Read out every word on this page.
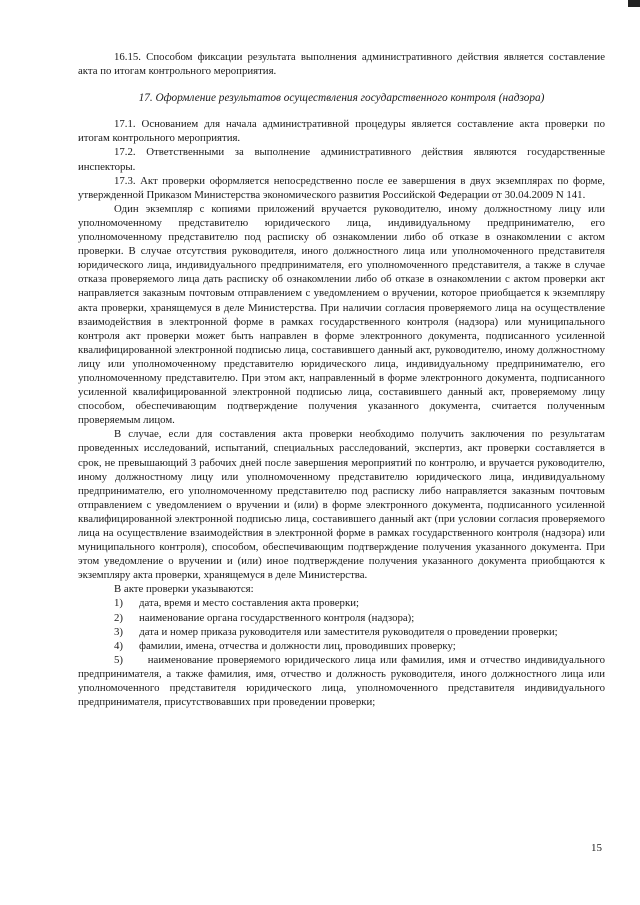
16.15. Способом фиксации результата выполнения административного действия является составление акта по итогам контрольного мероприятия.

17. Оформление результатов осуществления государственного контроля (надзора)

17.1. Основанием для начала административной процедуры является составление акта проверки по итогам контрольного мероприятия.

17.2. Ответственными за выполнение административного действия являются государственные инспекторы.

17.3. Акт проверки оформляется непосредственно после ее завершения в двух экземплярах по форме, утвержденной Приказом Министерства экономического развития Российской Федерации от 30.04.2009 N 141.

Один экземпляр с копиями приложений вручается руководителю, иному должностному лицу или уполномоченному представителю юридического лица, индивидуальному предпринимателю, его уполномоченному представителю под расписку об ознакомлении либо об отказе в ознакомлении с актом проверки. В случае отсутствия руководителя, иного должностного лица или уполномоченного представителя юридического лица, индивидуального предпринимателя, его уполномоченного представителя, а также в случае отказа проверяемого лица дать расписку об ознакомлении либо об отказе в ознакомлении с актом проверки акт направляется заказным почтовым отправлением с уведомлением о вручении, которое приобщается к экземпляру акта проверки, хранящемуся в деле Министерства. При наличии согласия проверяемого лица на осуществление взаимодействия в электронной форме в рамках государственного контроля (надзора) или муниципального контроля акт проверки может быть направлен в форме электронного документа, подписанного усиленной квалифицированной электронной подписью лица, составившего данный акт, руководителю, иному должностному лицу или уполномоченному представителю юридического лица, индивидуальному предпринимателю, его уполномоченному представителю. При этом акт, направленный в форме электронного документа, подписанного усиленной квалифицированной электронной подписью лица, составившего данный акт, проверяемому лицу способом, обеспечивающим подтверждение получения указанного документа, считается полученным проверяемым лицом.

В случае, если для составления акта проверки необходимо получить заключения по результатам проведенных исследований, испытаний, специальных расследований, экспертиз, акт проверки составляется в срок, не превышающий 3 рабочих дней после завершения мероприятий по контролю, и вручается руководителю, иному должностному лицу или уполномоченному представителю юридического лица, индивидуальному предпринимателю, его уполномоченному представителю под расписку либо направляется заказным почтовым отправлением с уведомлением о вручении и (или) в форме электронного документа, подписанного усиленной квалифицированной электронной подписью лица, составившего данный акт (при условии согласия проверяемого лица на осуществление взаимодействия в электронной форме в рамках государственного контроля (надзора) или муниципального контроля), способом, обеспечивающим подтверждение получения указанного документа. При этом уведомление о вручении и (или) иное подтверждение получения указанного документа приобщаются к экземпляру акта проверки, хранящемуся в деле Министерства.

В акте проверки указываются:

1)	дата, время и место составления акта проверки;
2)	наименование органа государственного контроля (надзора);

3) дата и номер приказа руководителя или заместителя руководителя о проведении проверки;

4)	фамилии, имена, отчества и должности лиц, проводивших проверку;

5) наименование проверяемого юридического лица или фамилия, имя и отчество индивидуального предпринимателя, а также фамилия, имя, отчество и должность руководителя, иного должностного лица или уполномоченного представителя юридического лица, уполномоченного представителя индивидуального предпринимателя, присутствовавших при проведении проверки;

15
